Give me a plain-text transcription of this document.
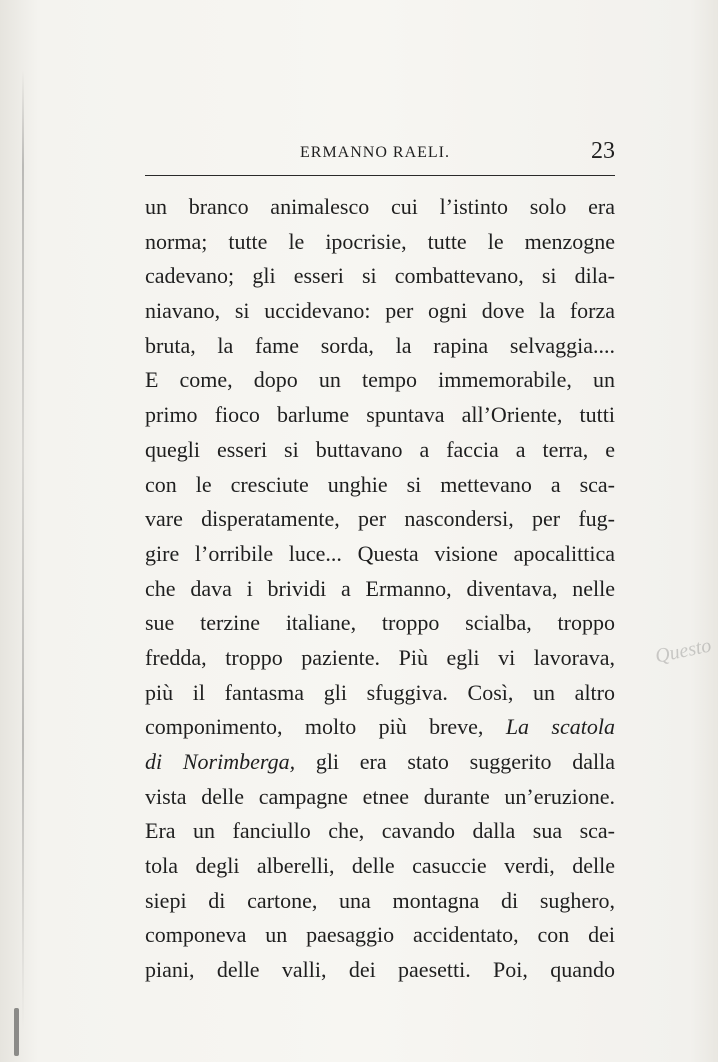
ERMANNO RAELI.	23
un branco animalesco cui l’istinto solo era
norma; tutte le ipocrisie, tutte le menzogne
cadevano; gli esseri si combattevano, si dila-
niavano, si uccidevano: per ogni dove la forza
bruta, la fame sorda, la rapina selvaggia....
E come, dopo un tempo immemorabile, un
primo fioco barlume spuntava all’Oriente, tutti
quegli esseri si buttavano a faccia a terra, e
con le cresciute unghie si mettevano a sca-
vare disperatamente, per nascondersi, per fug-
gire l’orribile luce... Questa visione apocalittica
che dava i brividi a Ermanno, diventava, nelle
sue terzine italiane, troppo scialba, troppo
fredda, troppo paziente. Più egli vi lavorava,
più il fantasma gli sfuggiva. Così, un altro
componimento, molto più breve, La scatola
di Norimberga, gli era stato suggerito dalla
vista delle campagne etnee durante un’eruzione.
Era un fanciullo che, cavando dalla sua sca-
tola degli alberelli, delle casuccie verdi, delle
siepi di cartone, una montagna di sughero,
componeva un paesaggio accidentato, con dei
piani, delle valli, dei paesetti. Poi, quando
Questo
